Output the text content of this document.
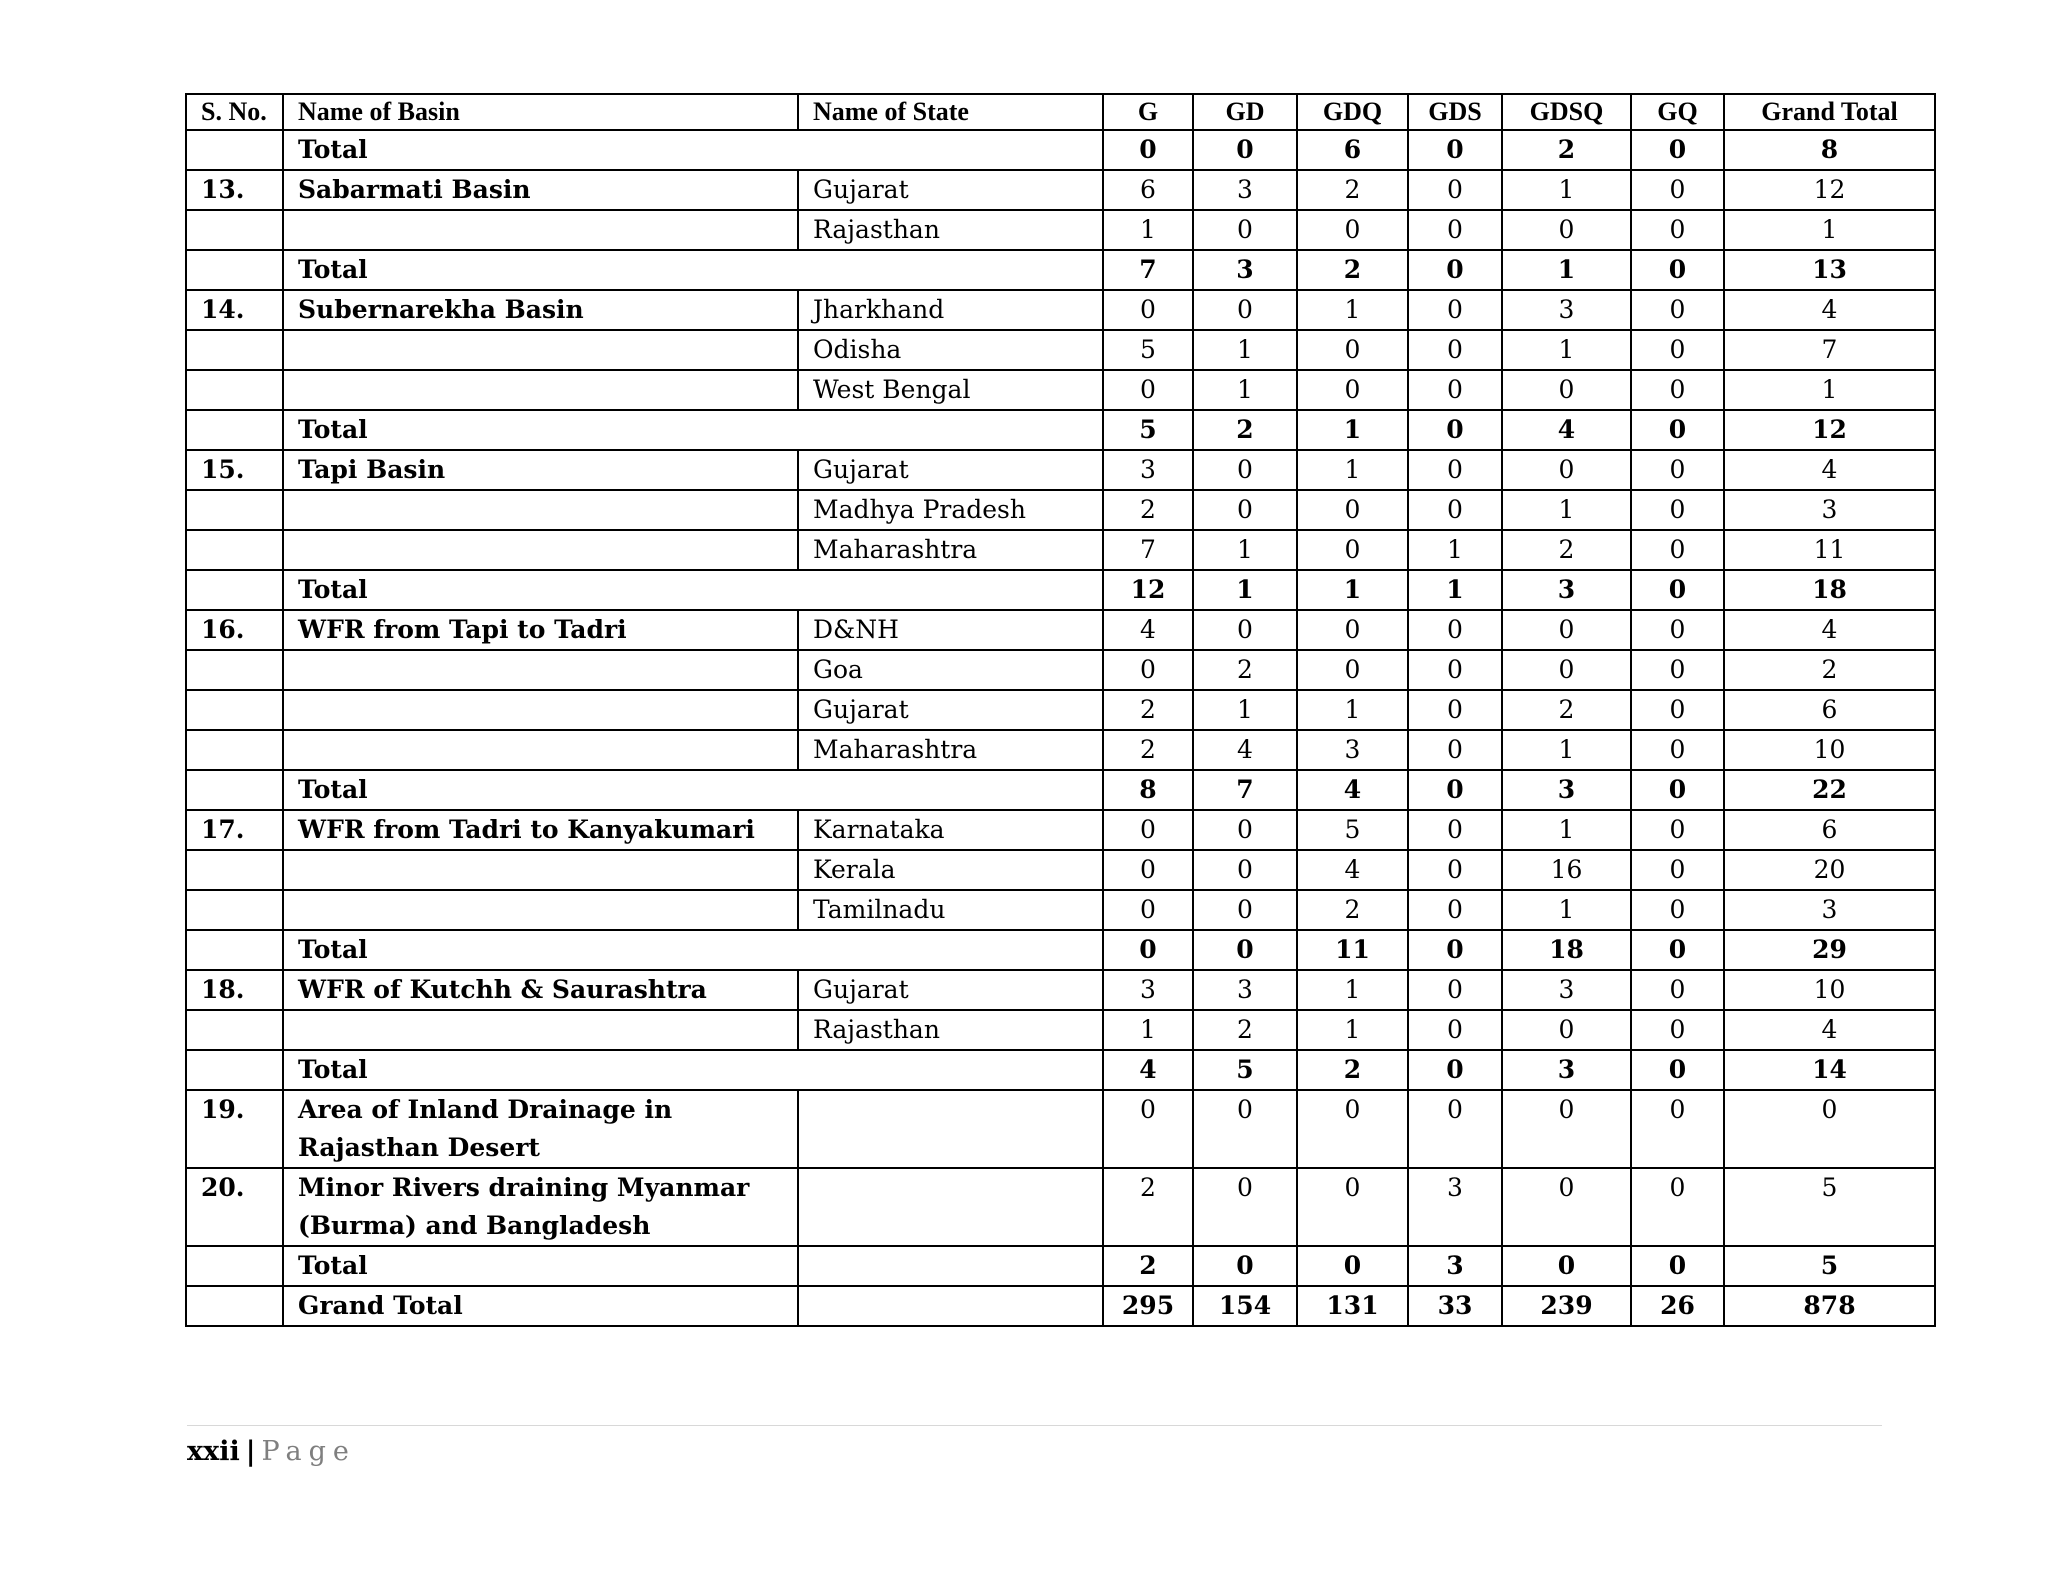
S. No.	Name of Basin	Name of State	G	GD	GDQ	GDS	GDSQ	GQ	Grand Total
	Total		0	0	6	0	2	0	8
13.	Sabarmati Basin	Gujarat	6	3	2	0	1	0	12
		Rajasthan	1	0	0	0	0	0	1
	Total		7	3	2	0	1	0	13
14.	Subernarekha Basin	Jharkhand	0	0	1	0	3	0	4
		Odisha	5	1	0	0	1	0	7
		West Bengal	0	1	0	0	0	0	1
	Total		5	2	1	0	4	0	12
15.	Tapi Basin	Gujarat	3	0	1	0	0	0	4
		Madhya Pradesh	2	0	0	0	1	0	3
		Maharashtra	7	1	0	1	2	0	11
	Total		12	1	1	1	3	0	18
16.	WFR from Tapi to Tadri	D&NH	4	0	0	0	0	0	4
		Goa	0	2	0	0	0	0	2
		Gujarat	2	1	1	0	2	0	6
		Maharashtra	2	4	3	0	1	0	10
	Total		8	7	4	0	3	0	22
17.	WFR from Tadri to Kanyakumari	Karnataka	0	0	5	0	1	0	6
		Kerala	0	0	4	0	16	0	20
		Tamilnadu	0	0	2	0	1	0	3
	Total		0	0	11	0	18	0	29
18.	WFR of Kutchh & Saurashtra	Gujarat	3	3	1	0	3	0	10
		Rajasthan	1	2	1	0	0	0	4
	Total		4	5	2	0	3	0	14
19.	Area of Inland Drainage in Rajasthan Desert		0	0	0	0	0	0	0
20.	Minor Rivers draining Myanmar (Burma) and Bangladesh		2	0	0	3	0	0	5
	Total		2	0	0	3	0	0	5
	Grand Total		295	154	131	33	239	26	878
xxii | Page
